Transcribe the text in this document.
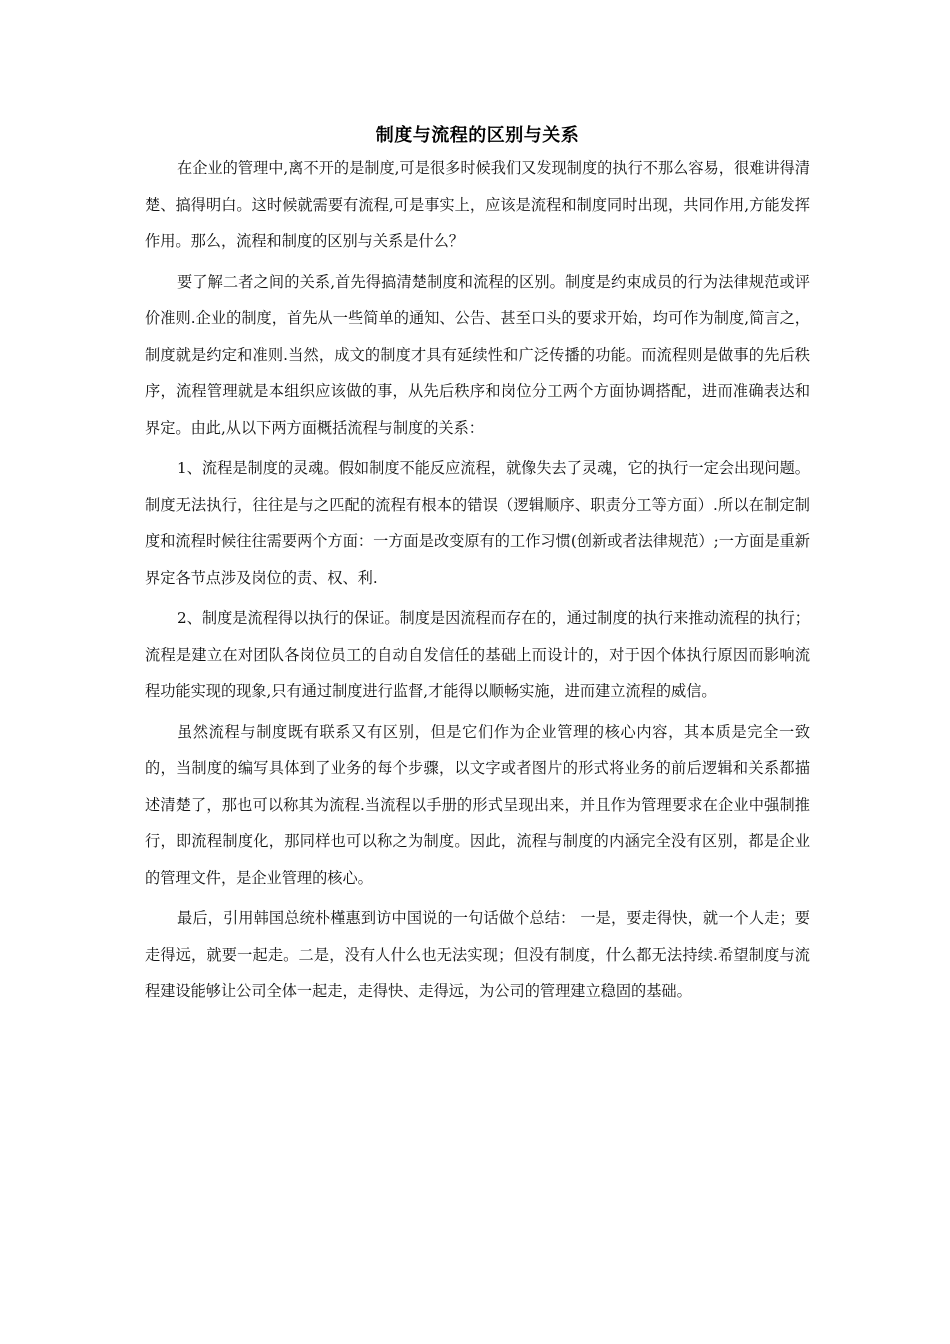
制度与流程的区别与关系

在企业的管理中,离不开的是制度,可是很多时候我们又发现制度的执行不那么容易，很难讲得清楚、搞得明白。这时候就需要有流程,可是事实上，应该是流程和制度同时出现，共同作用,方能发挥作用。那么，流程和制度的区别与关系是什么？

要了解二者之间的关系,首先得搞清楚制度和流程的区别。制度是约束成员的行为法律规范或评价准则.企业的制度，首先从一些简单的通知、公告、甚至口头的要求开始，均可作为制度,简言之，制度就是约定和准则.当然，成文的制度才具有延续性和广泛传播的功能。而流程则是做事的先后秩序，流程管理就是本组织应该做的事，从先后秩序和岗位分工两个方面协调搭配，进而准确表达和界定。由此,从以下两方面概括流程与制度的关系：

1、流程是制度的灵魂。假如制度不能反应流程，就像失去了灵魂，它的执行一定会出现问题。制度无法执行，往往是与之匹配的流程有根本的错误（逻辑顺序、职责分工等方面）.所以在制定制度和流程时候往往需要两个方面：一方面是改变原有的工作习惯(创新或者法律规范）;一方面是重新界定各节点涉及岗位的责、权、利.

2、制度是流程得以执行的保证。制度是因流程而存在的，通过制度的执行来推动流程的执行；流程是建立在对团队各岗位员工的自动自发信任的基础上而设计的，对于因个体执行原因而影响流程功能实现的现象,只有通过制度进行监督,才能得以顺畅实施，进而建立流程的威信。

虽然流程与制度既有联系又有区别，但是它们作为企业管理的核心内容，其本质是完全一致的，当制度的编写具体到了业务的每个步骤，以文字或者图片的形式将业务的前后逻辑和关系都描述清楚了，那也可以称其为流程.当流程以手册的形式呈现出来，并且作为管理要求在企业中强制推行，即流程制度化，那同样也可以称之为制度。因此，流程与制度的内涵完全没有区别，都是企业的管理文件，是企业管理的核心。

最后，引用韩国总统朴槿惠到访中国说的一句话做个总结： 一是，要走得快，就一个人走；要走得远，就要一起走。二是，没有人什么也无法实现；但没有制度，什么都无法持续.希望制度与流程建设能够让公司全体一起走，走得快、走得远，为公司的管理建立稳固的基础。
